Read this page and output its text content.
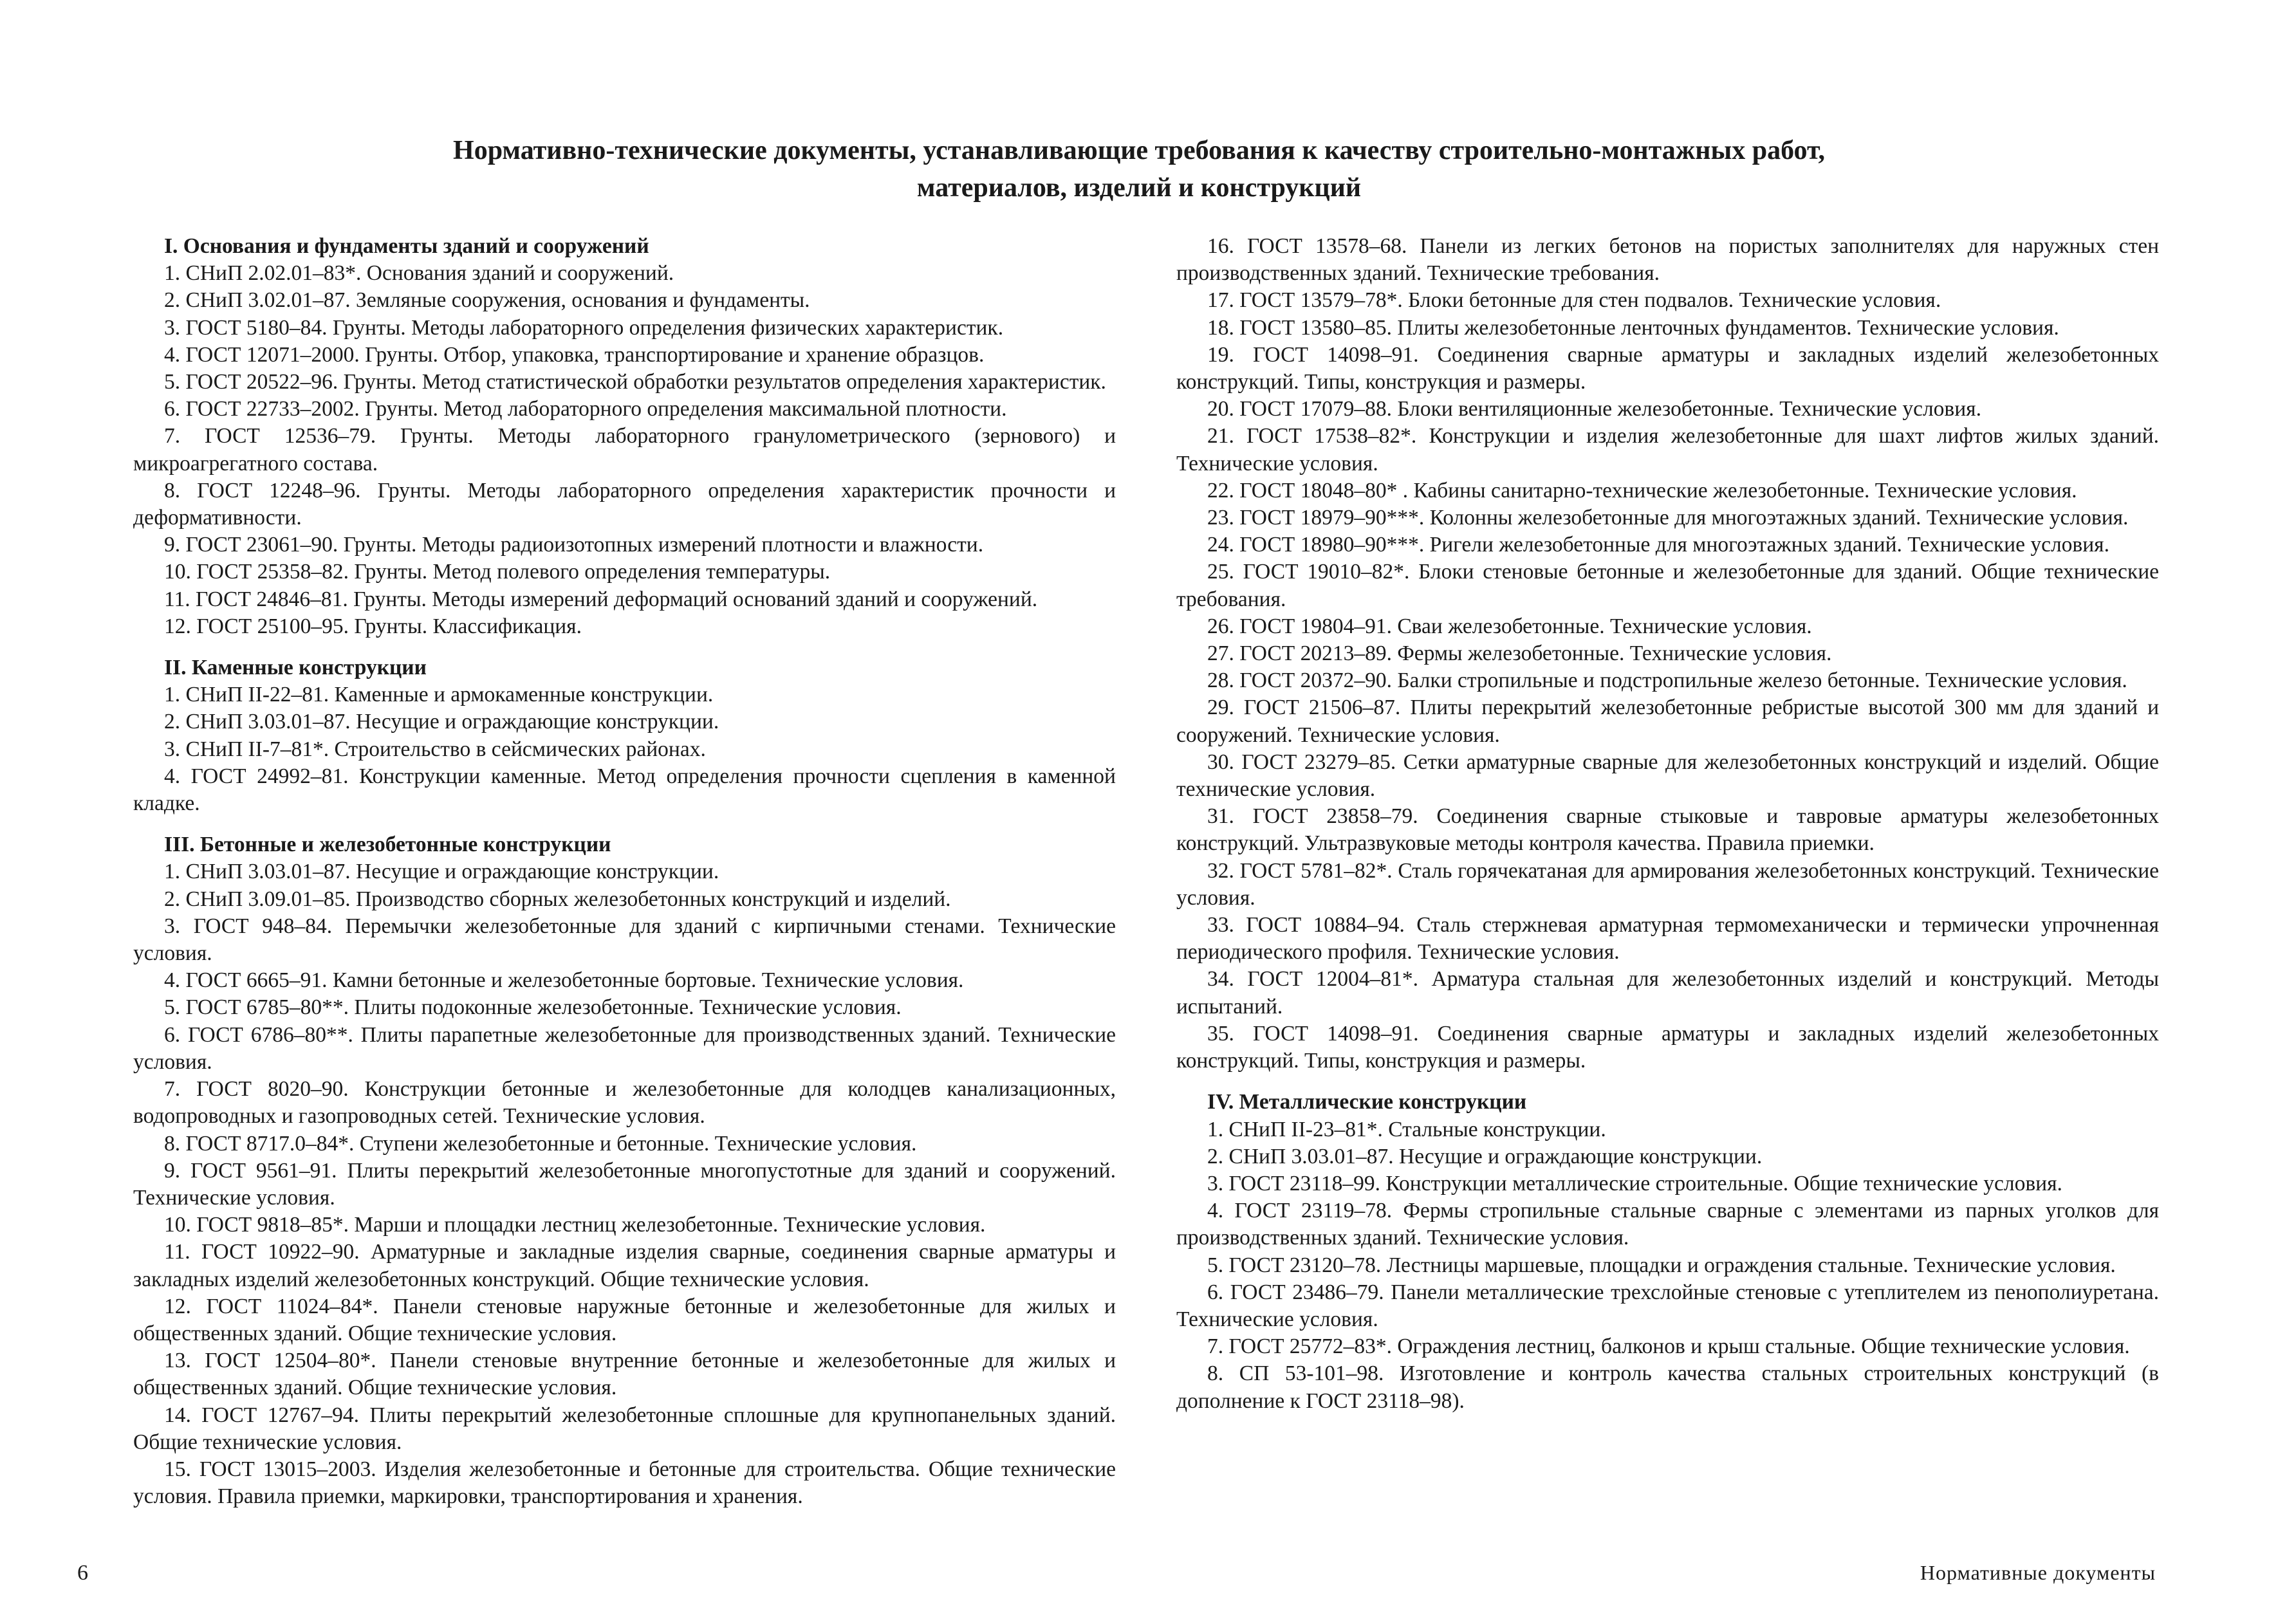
Нормативно-технические документы, устанавливающие требования к качеству строительно-монтажных работ,
материалов, изделий и конструкций
I. Основания и фундаменты зданий и сооружений

1. СНиП 2.02.01–83*. Основания зданий и сооружений.

2. СНиП 3.02.01–87. Земляные сооружения, основания и фундаменты.

3. ГОСТ 5180–84. Грунты. Методы лабораторного определения физических характеристик.

4. ГОСТ 12071–2000. Грунты. Отбор, упаковка, транспортирование и хранение образцов.

5. ГОСТ 20522–96. Грунты. Метод статистической обработки результатов определения характеристик.

6. ГОСТ 22733–2002. Грунты. Метод лабораторного определения максимальной плотности.

7. ГОСТ 12536–79. Грунты. Методы лабораторного гранулометрического (зернового) и микроагрегатного состава.

8. ГОСТ 12248–96. Грунты. Методы лабораторного определения характеристик прочности и деформативности.

9. ГОСТ 23061–90. Грунты. Методы радиоизотопных измерений плотности и влажности.

10. ГОСТ 25358–82. Грунты. Метод полевого определения температуры.

11. ГОСТ 24846–81. Грунты. Методы измерений деформаций оснований зданий и сооружений.

12. ГОСТ 25100–95. Грунты. Классификация.

II. Каменные конструкции

1. СНиП II-22–81. Каменные и армокаменные конструкции.

2. СНиП 3.03.01–87. Несущие и ограждающие конструкции.

3. СНиП II-7–81*. Строительство в сейсмических районах.

4. ГОСТ 24992–81. Конструкции каменные. Метод определения прочности сцепления в каменной кладке.

III. Бетонные и железобетонные конструкции

1. СНиП 3.03.01–87. Несущие и ограждающие конструкции.

2. СНиП 3.09.01–85. Производство сборных железобетонных конструкций и изделий.

3. ГОСТ 948–84. Перемычки железобетонные для зданий с кирпичными стенами. Технические условия.

4. ГОСТ 6665–91. Камни бетонные и железобетонные бортовые. Технические условия.

5. ГОСТ 6785–80**. Плиты подоконные железобетонные. Технические условия.

6. ГОСТ 6786–80**. Плиты парапетные железобетонные для производственных зданий. Технические условия.

7. ГОСТ 8020–90. Конструкции бетонные и железобетонные для колодцев канализационных, водопроводных и газопроводных сетей. Технические условия.

8. ГОСТ 8717.0–84*. Ступени железобетонные и бетонные. Технические условия.

9. ГОСТ 9561–91. Плиты перекрытий железобетонные многопустотные для зданий и сооружений. Технические условия.

10. ГОСТ 9818–85*. Марши и площадки лестниц железобетонные. Технические условия.

11. ГОСТ 10922–90. Арматурные и закладные изделия сварные, соединения сварные арматуры и закладных изделий железобетонных конструкций. Общие технические условия.

12. ГОСТ 11024–84*. Панели стеновые наружные бетонные и железобетонные для жилых и общественных зданий. Общие технические условия.

13. ГОСТ 12504–80*. Панели стеновые внутренние бетонные и железобетонные для жилых и общественных зданий. Общие технические условия.

14. ГОСТ 12767–94. Плиты перекрытий железобетонные сплошные для крупнопанельных зданий. Общие технические условия.

15. ГОСТ 13015–2003. Изделия железобетонные и бетонные для строительства. Общие технические условия. Правила приемки, маркировки, транспортирования и хранения.

16. ГОСТ 13578–68. Панели из легких бетонов на пористых заполнителях для наружных стен производственных зданий. Технические требования.

17. ГОСТ 13579–78*. Блоки бетонные для стен подвалов. Технические условия.

18. ГОСТ 13580–85. Плиты железобетонные ленточных фундаментов. Технические условия.

19. ГОСТ 14098–91. Соединения сварные арматуры и закладных изделий железобетонных конструкций. Типы, конструкция и размеры.

20. ГОСТ 17079–88. Блоки вентиляционные железобетонные. Технические условия.

21. ГОСТ 17538–82*. Конструкции и изделия железобетонные для шахт лифтов жилых зданий. Технические условия.

22. ГОСТ 18048–80* . Кабины санитарно-технические железобетонные. Технические условия.

23. ГОСТ 18979–90***. Колонны железобетонные для многоэтажных зданий. Технические условия.

24. ГОСТ 18980–90***. Ригели железобетонные для многоэтажных зданий. Технические условия.

25. ГОСТ 19010–82*. Блоки стеновые бетонные и железобетонные для зданий. Общие технические требования.

26. ГОСТ 19804–91. Сваи железобетонные. Технические условия.

27. ГОСТ 20213–89. Фермы железобетонные. Технические условия.

28. ГОСТ 20372–90. Балки стропильные и подстропильные железо бетонные. Технические условия.

29. ГОСТ 21506–87. Плиты перекрытий железобетонные ребристые высотой 300 мм для зданий и сооружений. Технические условия.

30. ГОСТ 23279–85. Сетки арматурные сварные для железобетонных конструкций и изделий. Общие технические условия.

31. ГОСТ 23858–79. Соединения сварные стыковые и тавровые арматуры железобетонных конструкций. Ультразвуковые методы контроля качества. Правила приемки.

32. ГОСТ 5781–82*. Сталь горячекатаная для армирования железобетонных конструкций. Технические условия.

33. ГОСТ 10884–94. Сталь стержневая арматурная термомеханически и термически упрочненная периодического профиля. Технические условия.

34. ГОСТ 12004–81*. Арматура стальная для железобетонных изделий и конструкций. Методы испытаний.

35. ГОСТ 14098–91. Соединения сварные арматуры и закладных изделий железобетонных конструкций. Типы, конструкция и размеры.

IV. Металлические конструкции

1. СНиП II-23–81*. Стальные конструкции.

2. СНиП 3.03.01–87. Несущие и ограждающие конструкции.

3. ГОСТ 23118–99. Конструкции металлические строительные. Общие технические условия.

4. ГОСТ 23119–78. Фермы стропильные стальные сварные с элементами из парных уголков для производственных зданий. Технические условия.

5. ГОСТ 23120–78. Лестницы маршевые, площадки и ограждения стальные. Технические условия.

6. ГОСТ 23486–79. Панели металлические трехслойные стеновые с утеплителем из пенополиуретана. Технические условия.

7. ГОСТ 25772–83*. Ограждения лестниц, балконов и крыш стальные. Общие технические условия.

8. СП 53-101–98. Изготовление и контроль качества стальных строительных конструкций (в дополнение к ГОСТ 23118–98).

6	Нормативные документы
